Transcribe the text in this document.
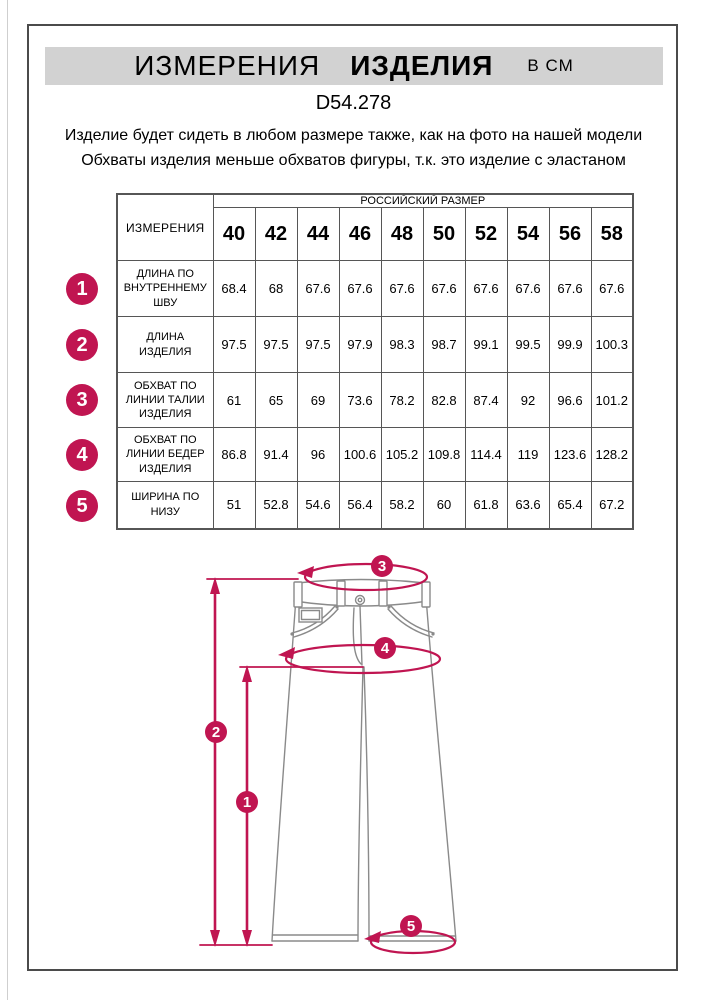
ИЗМЕРЕНИЯ ИЗДЕЛИЯ В СМ
D54.278
Изделие будет сидеть в любом размере также, как на фото на нашей модели
Обхваты изделия меньше обхватов фигуры, т.к. это изделие с эластаном
ИЗМЕРЕНИЯ	РОССИЙСКИЙ РАЗМЕР									
	40	42	44	46	48	50	52	54	56	58
ДЛИНА ПО ВНУТРЕННЕМУ ШВУ	68.4	68	67.6	67.6	67.6	67.6	67.6	67.6	67.6	67.6
ДЛИНА ИЗДЕЛИЯ	97.5	97.5	97.5	97.9	98.3	98.7	99.1	99.5	99.9	100.3
ОБХВАТ ПО ЛИНИИ ТАЛИИ ИЗДЕЛИЯ	61	65	69	73.6	78.2	82.8	87.4	92	96.6	101.2
ОБХВАТ ПО ЛИНИИ БЕДЕР ИЗДЕЛИЯ	86.8	91.4	96	100.6	105.2	109.8	114.4	119	123.6	128.2
ШИРИНА ПО НИЗУ	51	52.8	54.6	56.4	58.2	60	61.8	63.6	65.4	67.2
1
2
3
4
5
1
2
3
4
5
